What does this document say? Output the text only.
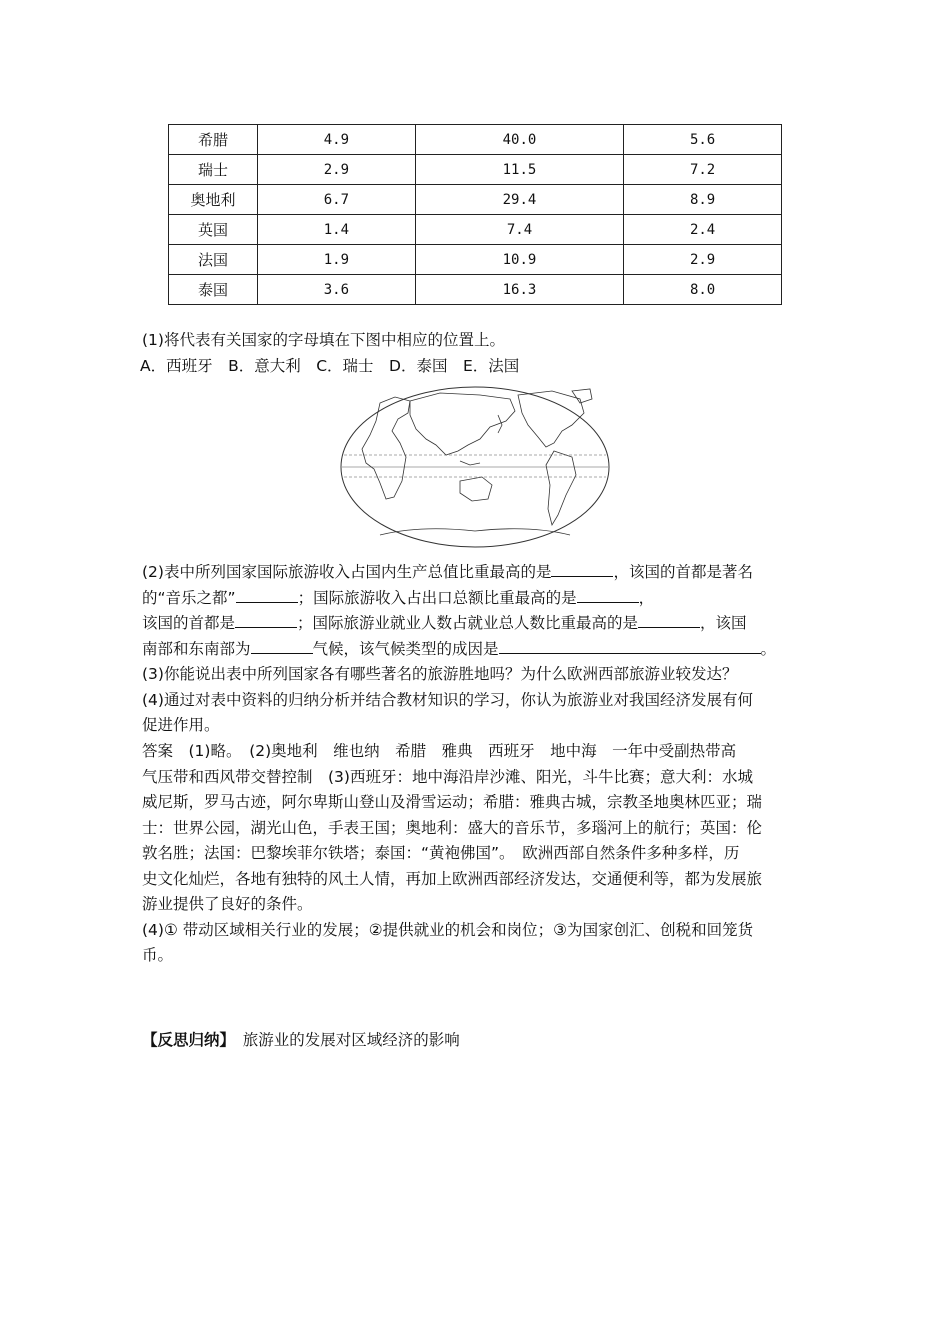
希腊	4.9	40.0	5.6
瑞士	2.9	11.5	7.2
奥地利	6.7	29.4	8.9
英国	1.4	7.4	2.4
法国	1.9	10.9	2.9
泰国	3.6	16.3	8.0
(1)将代表有关国家的字母填在下图中相应的位置上。
A．西班牙　B．意大利　C．瑞士　D．泰国　E．法国
(2)表中所列国家国际旅游收入占国内生产总值比重最高的是	，该国的首都是著名
的“音乐之都”	；国际旅游收入占出口总额比重最高的是	，
该国的首都是	；国际旅游业就业人数占就业总人数比重最高的是	，该国
南部和东南部为	气候，该气候类型的成因是	。
(3)你能说出表中所列国家各有哪些著名的旅游胜地吗？为什么欧洲西部旅游业较发达？
(4)通过对表中资料的归纳分析并结合教材知识的学习，你认为旅游业对我国经济发展有何
促进作用。
答案　(1)略。　(2)奥地利　维也纳　希腊　雅典　西班牙　地中海　一年中受副热带高
气压带和西风带交替控制　(3)西班牙：地中海沿岸沙滩、阳光，斗牛比赛；意大利：水城
威尼斯，罗马古迹，阿尔卑斯山登山及滑雪运动；希腊：雅典古城，宗教圣地奥林匹亚；瑞
士：世界公园，湖光山色，手表王国；奥地利：盛大的音乐节，多瑙河上的航行；英国：伦
敦名胜；法国：巴黎埃菲尔铁塔；泰国：“黄袍佛国”。　欧洲西部自然条件多种多样，历
史文化灿烂，各地有独特的风土人情，再加上欧洲西部经济发达，交通便利等，都为发展旅
游业提供了良好的条件。
(4)① 带动区域相关行业的发展；②提供就业的机会和岗位；③为国家创汇、创税和回笼货
币。
【反思归纳】　旅游业的发展对区域经济的影响
